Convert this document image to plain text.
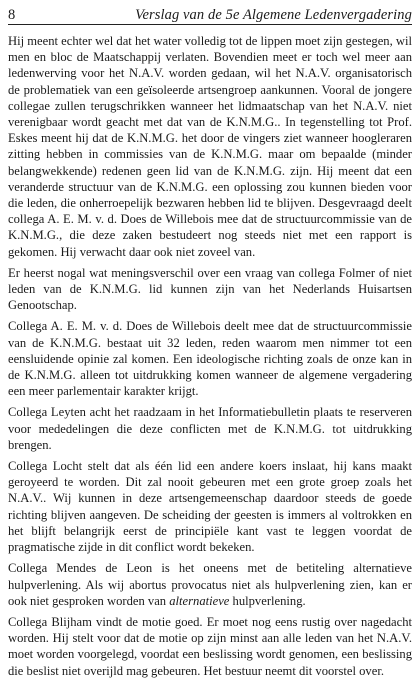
8	Verslag van de 5e Algemene Ledenvergadering

Hij meent echter wel dat het water volledig tot de lippen moet zijn gestegen, wil men en bloc de Maatschappij verlaten. Bovendien meet er toch wel meer aan ledenwerving voor het N.A.V. worden gedaan, wil het N.A.V. organisatorisch de problematiek van een geïsoleerde artsengroep aankunnen. Vooral de jongere collegae zullen terugschrikken wanneer het lidmaatschap van het N.A.V. niet verenigbaar wordt geacht met dat van de K.N.M.G.. In tegenstelling tot Prof. Eskes meent hij dat de K.N.M.G. het door de vingers ziet wanneer hoogleraren zitting hebben in commissies van de K.N.M.G. maar om bepaalde (minder belangwekkende) redenen geen lid van de K.N.M.G. zijn. Hij meent dat een veranderde structuur van de K.N.M.G. een oplossing zou kunnen bieden voor die leden, die onherroepelijk bezwaren hebben lid te blijven. Desgevraagd deelt collega A. E. M. v. d. Does de Willebois mee dat de structuurcommissie van de K.N.M.G., die deze zaken bestudeert nog steeds niet met een rapport is gekomen. Hij verwacht daar ook niet zoveel van.

Er heerst nogal wat meningsverschil over een vraag van collega Folmer of niet leden van de K.N.M.G. lid kunnen zijn van het Nederlands Huisartsen Genootschap.

Collega A. E. M. v. d. Does de Willebois deelt mee dat de structuurcommissie van de K.N.M.G. bestaat uit 32 leden, reden waarom men nimmer tot een eensluidende opinie zal komen. Een ideologische richting zoals de onze kan in de K.N.M.G. alleen tot uitdrukking komen wanneer de algemene vergadering een meer parlementair karakter krijgt.

Collega Leyten acht het raadzaam in het Informatiebulletin plaats te reserveren voor mededelingen die deze conflicten met de K.N.M.G. tot uitdrukking brengen.

Collega Locht stelt dat als één lid een andere koers inslaat, hij kans maakt geroyeerd te worden. Dit zal nooit gebeuren met een grote groep zoals het N.A.V.. Wij kunnen in deze artsengemeenschap daardoor steeds de goede richting blijven aangeven. De scheiding der geesten is immers al voltrokken en het blijft belangrijk eerst de principiële kant vast te leggen voordat de pragmatische zijde in dit conflict wordt bekeken.

Collega Mendes de Leon is het oneens met de betiteling alternatieve hulpverlening. Als wij abortus provocatus niet als hulpverlening zien, kan er ook niet gesproken worden van alternatieve hulpverlening.

Collega Blijham vindt de motie goed. Er moet nog eens rustig over nagedacht worden. Hij stelt voor dat de motie op zijn minst aan alle leden van het N.A.V. moet worden voorgelegd, voordat een beslissing wordt genomen, een beslissing die beslist niet overijld mag gebeuren. Het bestuur neemt dit voorstel over.
